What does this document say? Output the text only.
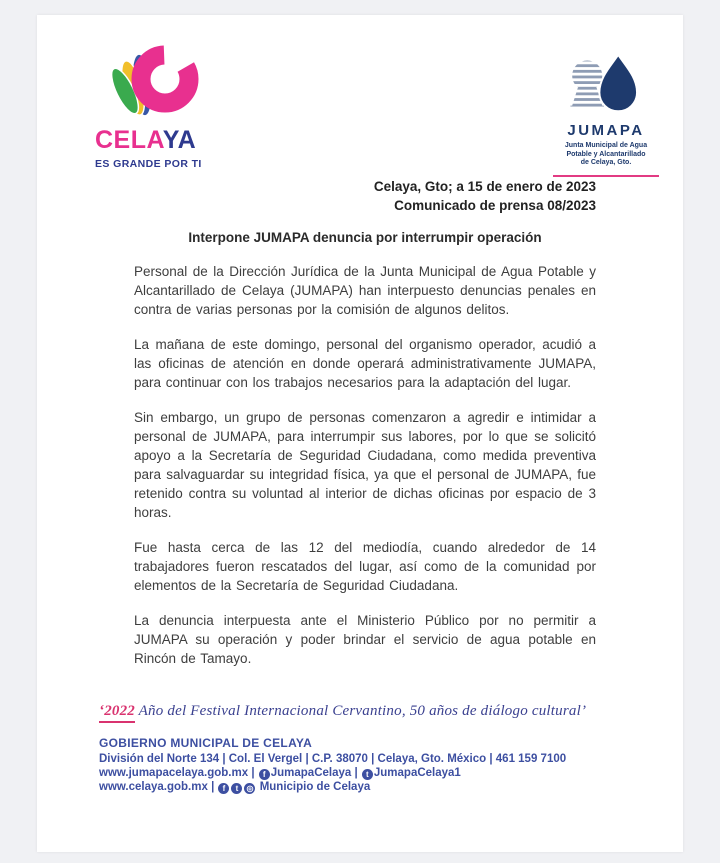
CELAYA
ES GRANDE POR TI
JUMAPA
Junta Municipal de Agua
Potable y Alcantarillado
de Celaya, Gto.
Celaya, Gto; a 15 de enero de 2023
Comunicado de prensa 08/2023
Interpone JUMAPA denuncia por interrumpir operación

Personal de la Dirección Jurídica de la Junta Municipal de Agua Potable y Alcantarillado de Celaya (JUMAPA) han interpuesto denuncias penales en contra de varias personas por la comisión de algunos delitos.

La mañana de este domingo, personal del organismo operador, acudió a las oficinas de atención en donde operará administrativamente JUMAPA, para continuar con los trabajos necesarios para la adaptación del lugar.

Sin embargo, un grupo de personas comenzaron a agredir e intimidar a personal de JUMAPA, para interrumpir sus labores, por lo que se solicitó apoyo a la Secretaría de Seguridad Ciudadana, como medida preventiva para salvaguardar su integridad física, ya que el personal de JUMAPA, fue retenido contra su voluntad al interior de dichas oficinas por espacio de 3 horas.

Fue hasta cerca de las 12 del mediodía, cuando alrededor de 14 trabajadores fueron rescatados del lugar, así como de la comunidad por elementos de la Secretaría de Seguridad Ciudadana.

La denuncia interpuesta ante el Ministerio Público por no permitir a JUMAPA su operación y poder brindar el servicio de agua potable en Rincón de Tamayo.

‘2022 Año del Festival Internacional Cervantino, 50 años de diálogo cultural’
GOBIERNO MUNICIPAL DE CELAYA
División del Norte 134 | Col. El Vergel | C.P. 38070 | Celaya, Gto. México | 461 159 7100
www.jumapacelaya.gob.mx | f JumapaCelaya | t JumapaCelaya1
www.celaya.gob.mx | f t ◎ Municipio de Celaya
